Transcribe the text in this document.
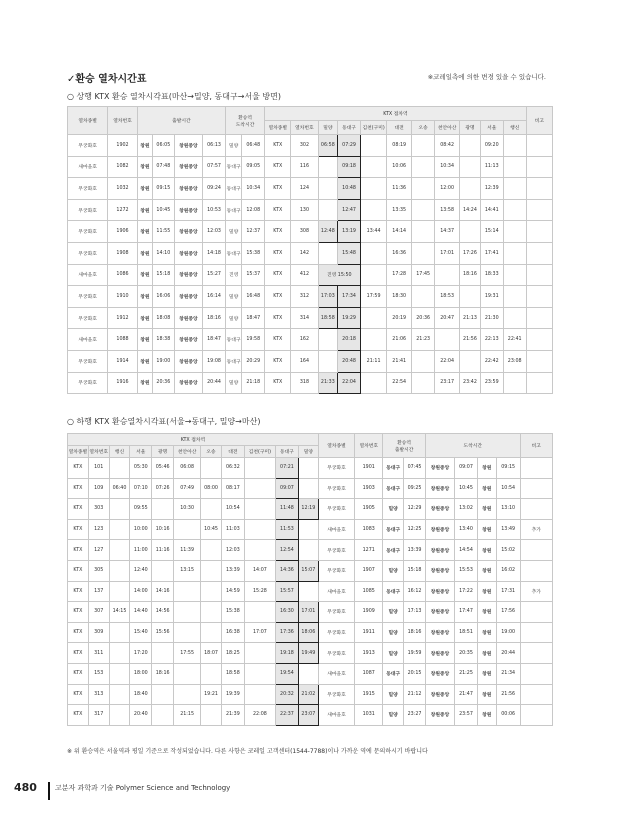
✓환승 열차시간표	※코레일측에 의한 변경 있을 수 있습니다.
○ 상행 KTX 환승 열차시각표(마산→밀양, 동대구→서울 방면)
열차종별	열차번호	출발시간				환승역
도착시간		KTX 접차역											비고
								열차종별	열차번호	밀양	동대구	김천(구미)	대전	오송	천안아산	광명	서울	행신	
무궁화호	1902	창원	06:05	창원중앙	06:13	밀양	06:48	KTX	302	06:58	07:29		08:19		08:42		09:20		
새마을호	1082	창원	07:48	창원중앙	07:57	동대구	09:05	KTX	116		09:18		10:06		10:34		11:13		
무궁화호	1032	창원	09:15	창원중앙	09:24	동대구	10:34	KTX	124		10:48		11:36		12:00		12:39		
무궁화호	1272	창원	10:45	창원중앙	10:53	동대구	12:08	KTX	130		12:47		13:35		13:58	14:24	14:41		
무궁화호	1906	창원	11:55	창원중앙	12:03	밀양	12:37	KTX	308	12:48	13:19	13:44	14:14		14:37		15:14		
무궁화호	1908	창원	14:10	창원중앙	14:18	동대구	15:38	KTX	142		15:48		16:36		17:01	17:26	17:41		
새마을호	1086	창원	15:18	창원중앙	15:27	진영	15:37	KTX	412	진영 15:50			17:28	17:45		18:16	18:33		
무궁화호	1910	창원	16:06	창원중앙	16:14	밀양	16:48	KTX	312	17:03	17:34	17:59	18:30		18:53		19:31		
무궁화호	1912	창원	18:08	창원중앙	18:16	밀양	18:47	KTX	314	18:58	19:29		20:19	20:36	20:47	21:13	21:30		
새마을호	1088	창원	18:38	창원중앙	18:47	동대구	19:58	KTX	162		20:18		21:06	21:23		21:56	22:13	22:41	
무궁화호	1914	창원	19:00	창원중앙	19:08	동대구	20:29	KTX	164		20:48	21:11	21:41		22:04		22:42	23:08	
무궁화호	1916	창원	20:36	창원중앙	20:44	밀양	21:18	KTX	318	21:33	22:04		22:54		23:17	23:42	23:59		
○ 하행 KTX 환승열차시각표(서울→동대구, 밀양→마산)
KTX 접차역											열차종별	열차번호	환승역
출발시간		도착시간				비고
열차종별	열차번호	행신	서울	광명	천안아산	오송	대전	김천(구미)	동대구	밀양									
KTX	101		05:30	05:46	06:08		06:32		07:21		무궁화호	1901	동대구	07:45	창원중앙	09:07	창원	09:15	
KTX	109	06:40	07:10	07:26	07:49	08:00	08:17		09:07		무궁화호	1903	동대구	09:25	창원중앙	10:45	창원	10:54	
KTX	303		09:55		10:30		10:54		11:48	12:19	무궁화호	1905	밀양	12:29	창원중앙	13:02	창원	13:10	
KTX	123		10:00	10:16		10:45	11:03		11:53		새마을호	1083	동대구	12:25	창원중앙	13:40	창원	13:49	추가
KTX	127		11:00	11:16	11:39		12:03		12:54		무궁화호	1271	동대구	13:39	창원중앙	14:54	창원	15:02	
KTX	305		12:40		13:15		13:39	14:07	14:36	15:07	무궁화호	1907	밀양	15:18	창원중앙	15:53	창원	16:02	
KTX	137		14:00	14:16			14:59	15:28	15:57		새마을호	1085	동대구	16:12	창원중앙	17:22	창원	17:31	추가
KTX	307	14:15	14:40	14:56			15:38		16:30	17:01	무궁화호	1909	밀양	17:13	창원중앙	17:47	창원	17:56	
KTX	309		15:40	15:56			16:38	17:07	17:36	18:06	무궁화호	1911	밀양	18:16	창원중앙	18:51	창원	19:00	
KTX	311		17:20		17:55	18:07	18:25		19:18	19:49	무궁화호	1913	밀양	19:59	창원중앙	20:35	창원	20:44	
KTX	153		18:00	18:16			18:58		19:54		새마을호	1087	동대구	20:15	창원중앙	21:25	창원	21:34	
KTX	313		18:40			19:21	19:39		20:32	21:02	무궁화호	1915	밀양	21:12	창원중앙	21:47	창원	21:56	
KTX	317		20:40		21:15		21:39	22:08	22:37	23:07	새마을호	1031	밀양	23:27	창원중앙	23:57	창원	00:06	
※ 위 환승역은 서울역과 평일 기준으로 작성되었습니다. 다른 사항은 코레일 고객센터(1544-7788)이나 가까운 역에 문의하시기 바랍니다
480	고분자 과학과 기술 Polymer Science and Technology
